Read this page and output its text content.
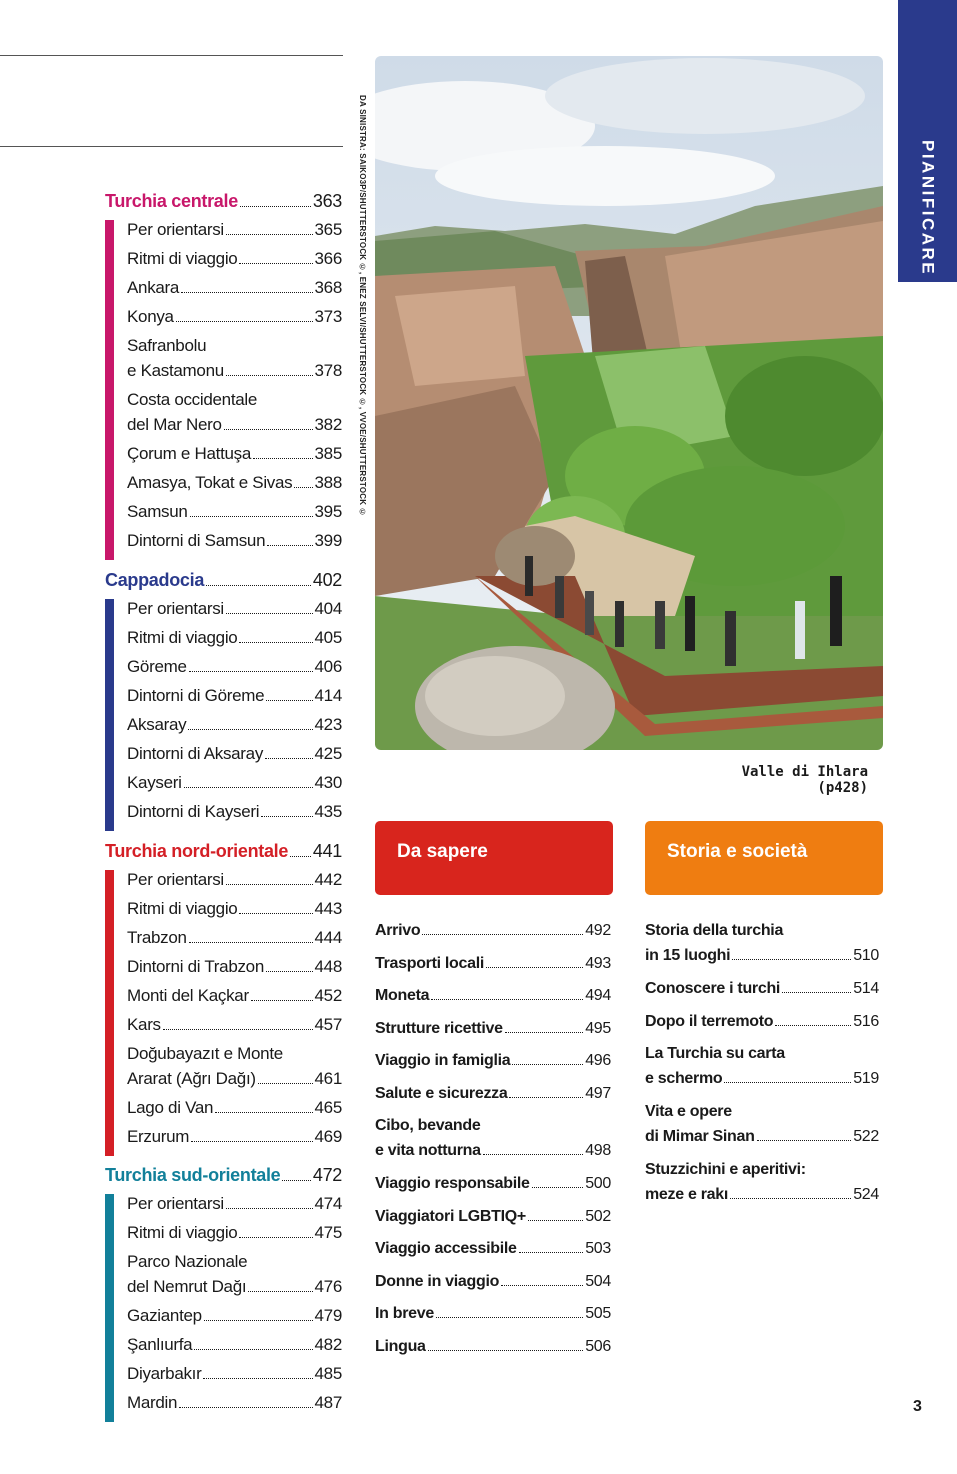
PIANIFICARE
DA SINISTRA: SAIKO3P/SHUTTERSTOCK ©, ENEZ SELVI/SHUTTERSTOCK ©, VVOE/SHUTTERSTOCK ©
Valle di Ihlara (p428)
Turchia centrale	363
Per orientarsi	365
Ritmi di viaggio	366
Ankara	368
Konya	373
Safranbolu
e Kastamonu	378
Costa occidentale
del Mar Nero	382
Çorum e Hattuşa	385
Amasya, Tokat e Sivas 388
Samsun	395
Dintorni di Samsun	399
Cappadocia	402
Per orientarsi	404
Ritmi di viaggio	405
Göreme	406
Dintorni di Göreme	414
Aksaray	423
Dintorni di Aksaray	425
Kayseri	430
Dintorni di Kayseri	435
Turchia nord-orientale 441
Per orientarsi	442
Ritmi di viaggio	443
Trabzon	444
Dintorni di Trabzon	448
Monti del Kaçkar	452
Kars	457
Doğubayazıt e Monte
Ararat (Ağrı Dağı)	461
Lago di Van	465
Erzurum	469
Turchia sud-orientale 472
Per orientarsi	474
Ritmi di viaggio	475
Parco Nazionale
del Nemrut Dağı	476
Gaziantep	479
Şanlıurfa	482
Diyarbakır	485
Mardin	487
Da sapere
Arrivo	492
Trasporti locali	493
Moneta	494
Strutture ricettive	495
Viaggio in famiglia	496
Salute e sicurezza	497
Cibo, bevande
e vita notturna	498
Viaggio responsabile	500
Viaggiatori LGBTIQ+	502
Viaggio accessibile	503
Donne in viaggio	504
In breve	505
Lingua	506
Storia e società
Storia della turchia
in 15 luoghi	510
Conoscere i turchi	514
Dopo il terremoto	516
La Turchia su carta
e schermo	519
Vita e opere
di Mimar Sinan	522
Stuzzichini e aperitivi:
meze e rakı	524
3
